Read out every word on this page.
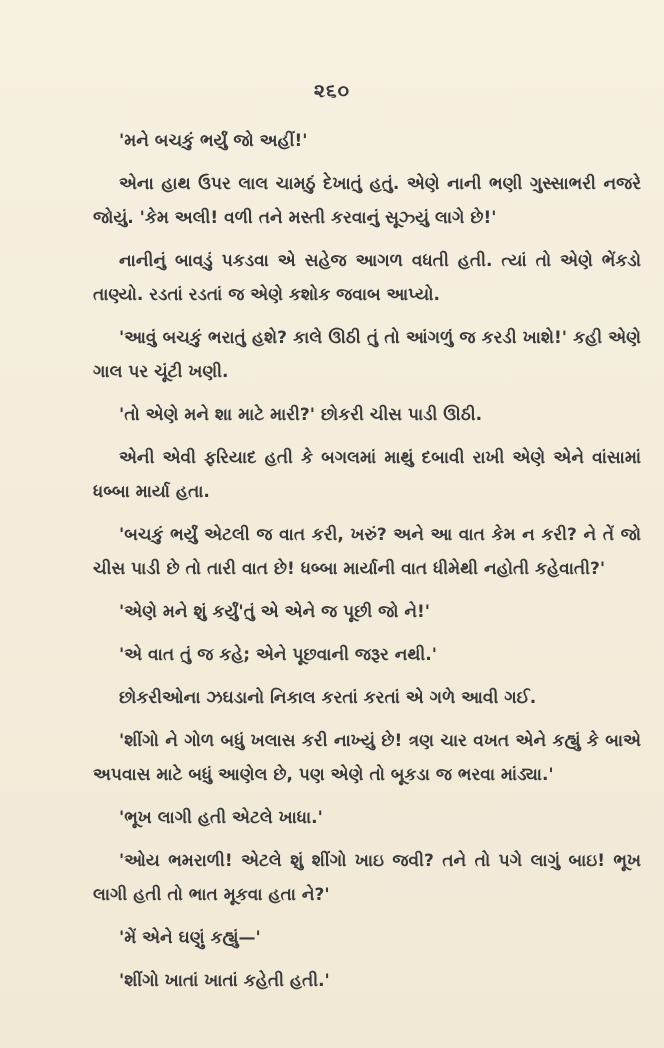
૨૬૦

'મને બચકું ભર્યું જો અહીં!'

એના હાથ ઉપર લાલ ચામઠું દેખાતું હતું. એણે નાની ભણી ગુસ્સાભરી નજરે જોયું. 'કેમ અલી! વળી તને મસ્તી કરવાનું સૂઝ્યું લાગે છે!'

નાનીનું બાવડું પકડવા એ સહેજ આગળ વધતી હતી. ત્યાં તો એણે ભેંકડો તાણ્યો. રડતાં રડતાં જ એણે કશોક જવાબ આપ્યો.

'આવું બચકું ભરાતું હશે? કાલે ઊઠી તું તો આંગળું જ કરડી ખાશે!' કહી એણે ગાલ પર ચૂંટી ખણી.

'તો એણે મને શા માટે મારી?' છોકરી ચીસ પાડી ઊઠી.

એની એવી ફરિયાદ હતી કે બગલમાં માથું દબાવી રાખી એણે એને વાંસામાં ધબ્બા માર્યા હતા.

'બચકું ભર્યું એટલી જ વાત કરી, ખરું? અને આ વાત કેમ ન કરી? ને તેં જો ચીસ પાડી છે તો તારી વાત છે! ધબ્બા માર્યાની વાત ધીમેથી નહોતી કહેવાતી?'

'એણે મને શું કર્યું'તું એ એને જ પૂછી જો ને!'

'એ વાત તું જ કહે; એને પૂછવાની જરૂર નથી.'

છોકરીઓના ઝઘડાનો નિકાલ કરતાં કરતાં એ ગળે આવી ગઈ.

'શીંગો ને ગોળ બધું ખલાસ કરી નાખ્યું છે! ત્રણ ચાર વખત એને કહ્યું કે બાએ અપવાસ માટે બધું આણેલ છે, પણ એણે તો બૂકડા જ ભરવા માંડ્યા.'

'ભૂખ લાગી હતી એટલે ખાધા.'

'ઓય ભમરાળી! એટલે શું શીંગો ખાઇ જવી? તને તો પગે લાગું બાઇ! ભૂખ લાગી હતી તો ભાત મૂકવા હતા ને?'

'મેં એને ઘણું કહ્યું—'

'શીંગો ખાતાં ખાતાં કહેતી હતી.'
